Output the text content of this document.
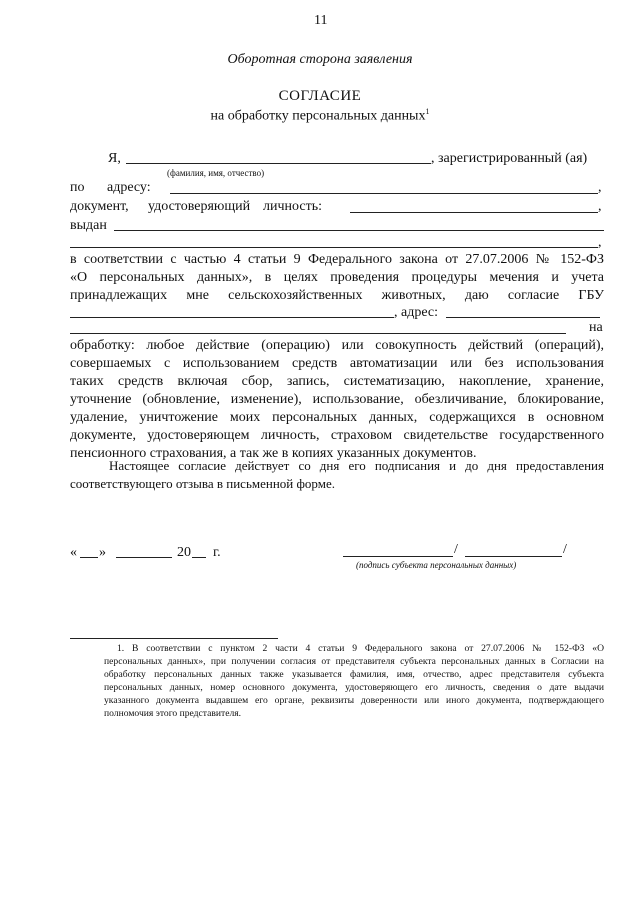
11
Оборотная сторона заявления
СОГЛАСИЕ
на обработку персональных данных$^1$
Я,	, зарегистрированный (ая)
(фамилия, имя, отчество)
по адресу:	,
документ, удостоверяющий личность:	,
выдан
,
в соответствии с частью 4 статьи 9 Федерального закона от 27.07.2006 № 152-ФЗ
«О персональных данных», в целях проведения процедуры мечения и учета
принадлежащих мне сельскохозяйственных животных, даю согласие ГБУ
, адрес:
на
обработку: любое действие (операцию) или совокупность действий (операций),
совершаемых с использованием средств автоматизации или без использования
таких средств включая сбор, запись, систематизацию, накопление, хранение,
уточнение (обновление, изменение), использование, обезличивание, блокирование,
удаление, уничтожение моих персональных данных, содержащихся в основном
документе, удостоверяющем личность, страховом свидетельстве государственного
пенсионного страхования, а так же в копиях указанных документов.
Настоящее согласие действует со дня его подписания и до дня предоставления
соответствующего отзыва в письменной форме.
« »	20 г.	/	/
(подпись субъекта персональных данных)
1. В соответствии с пунктом 2 части 4 статьи 9 Федерального закона от 27.07.2006 № 152-ФЗ «О
персональных данных», при получении согласия от представителя субъекта персональных данных в Согласии на
обработку персональных данных также указывается фамилия, имя, отчество, адрес представителя субъекта
персональных данных, номер основного документа, удостоверяющего его личность, сведения о дате выдачи
указанного документа выдавшем его органе, реквизиты доверенности или иного документа, подтверждающего
полномочия этого представителя.
